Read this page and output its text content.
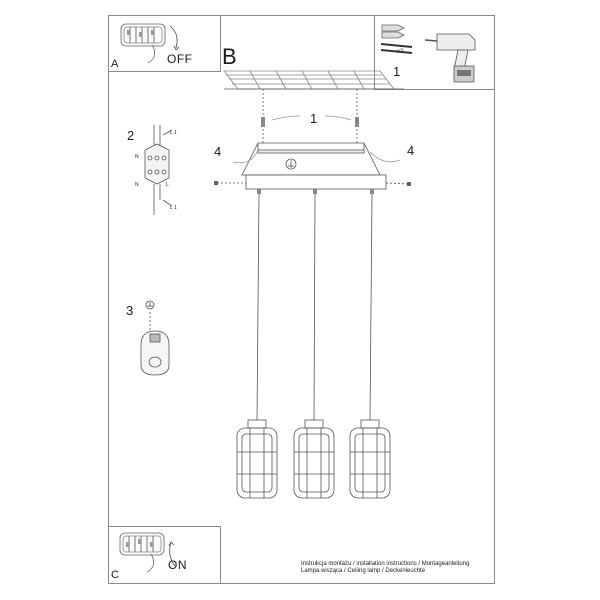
A	OFF	x2
B
C
ON	Instrukcja montażu / installation instructions / Montageanleitung
Lampa wisząca / Ceiling lamp / Deckenleuchte
1
1
2
3
4	4
L 1
N
N	L
L 1
